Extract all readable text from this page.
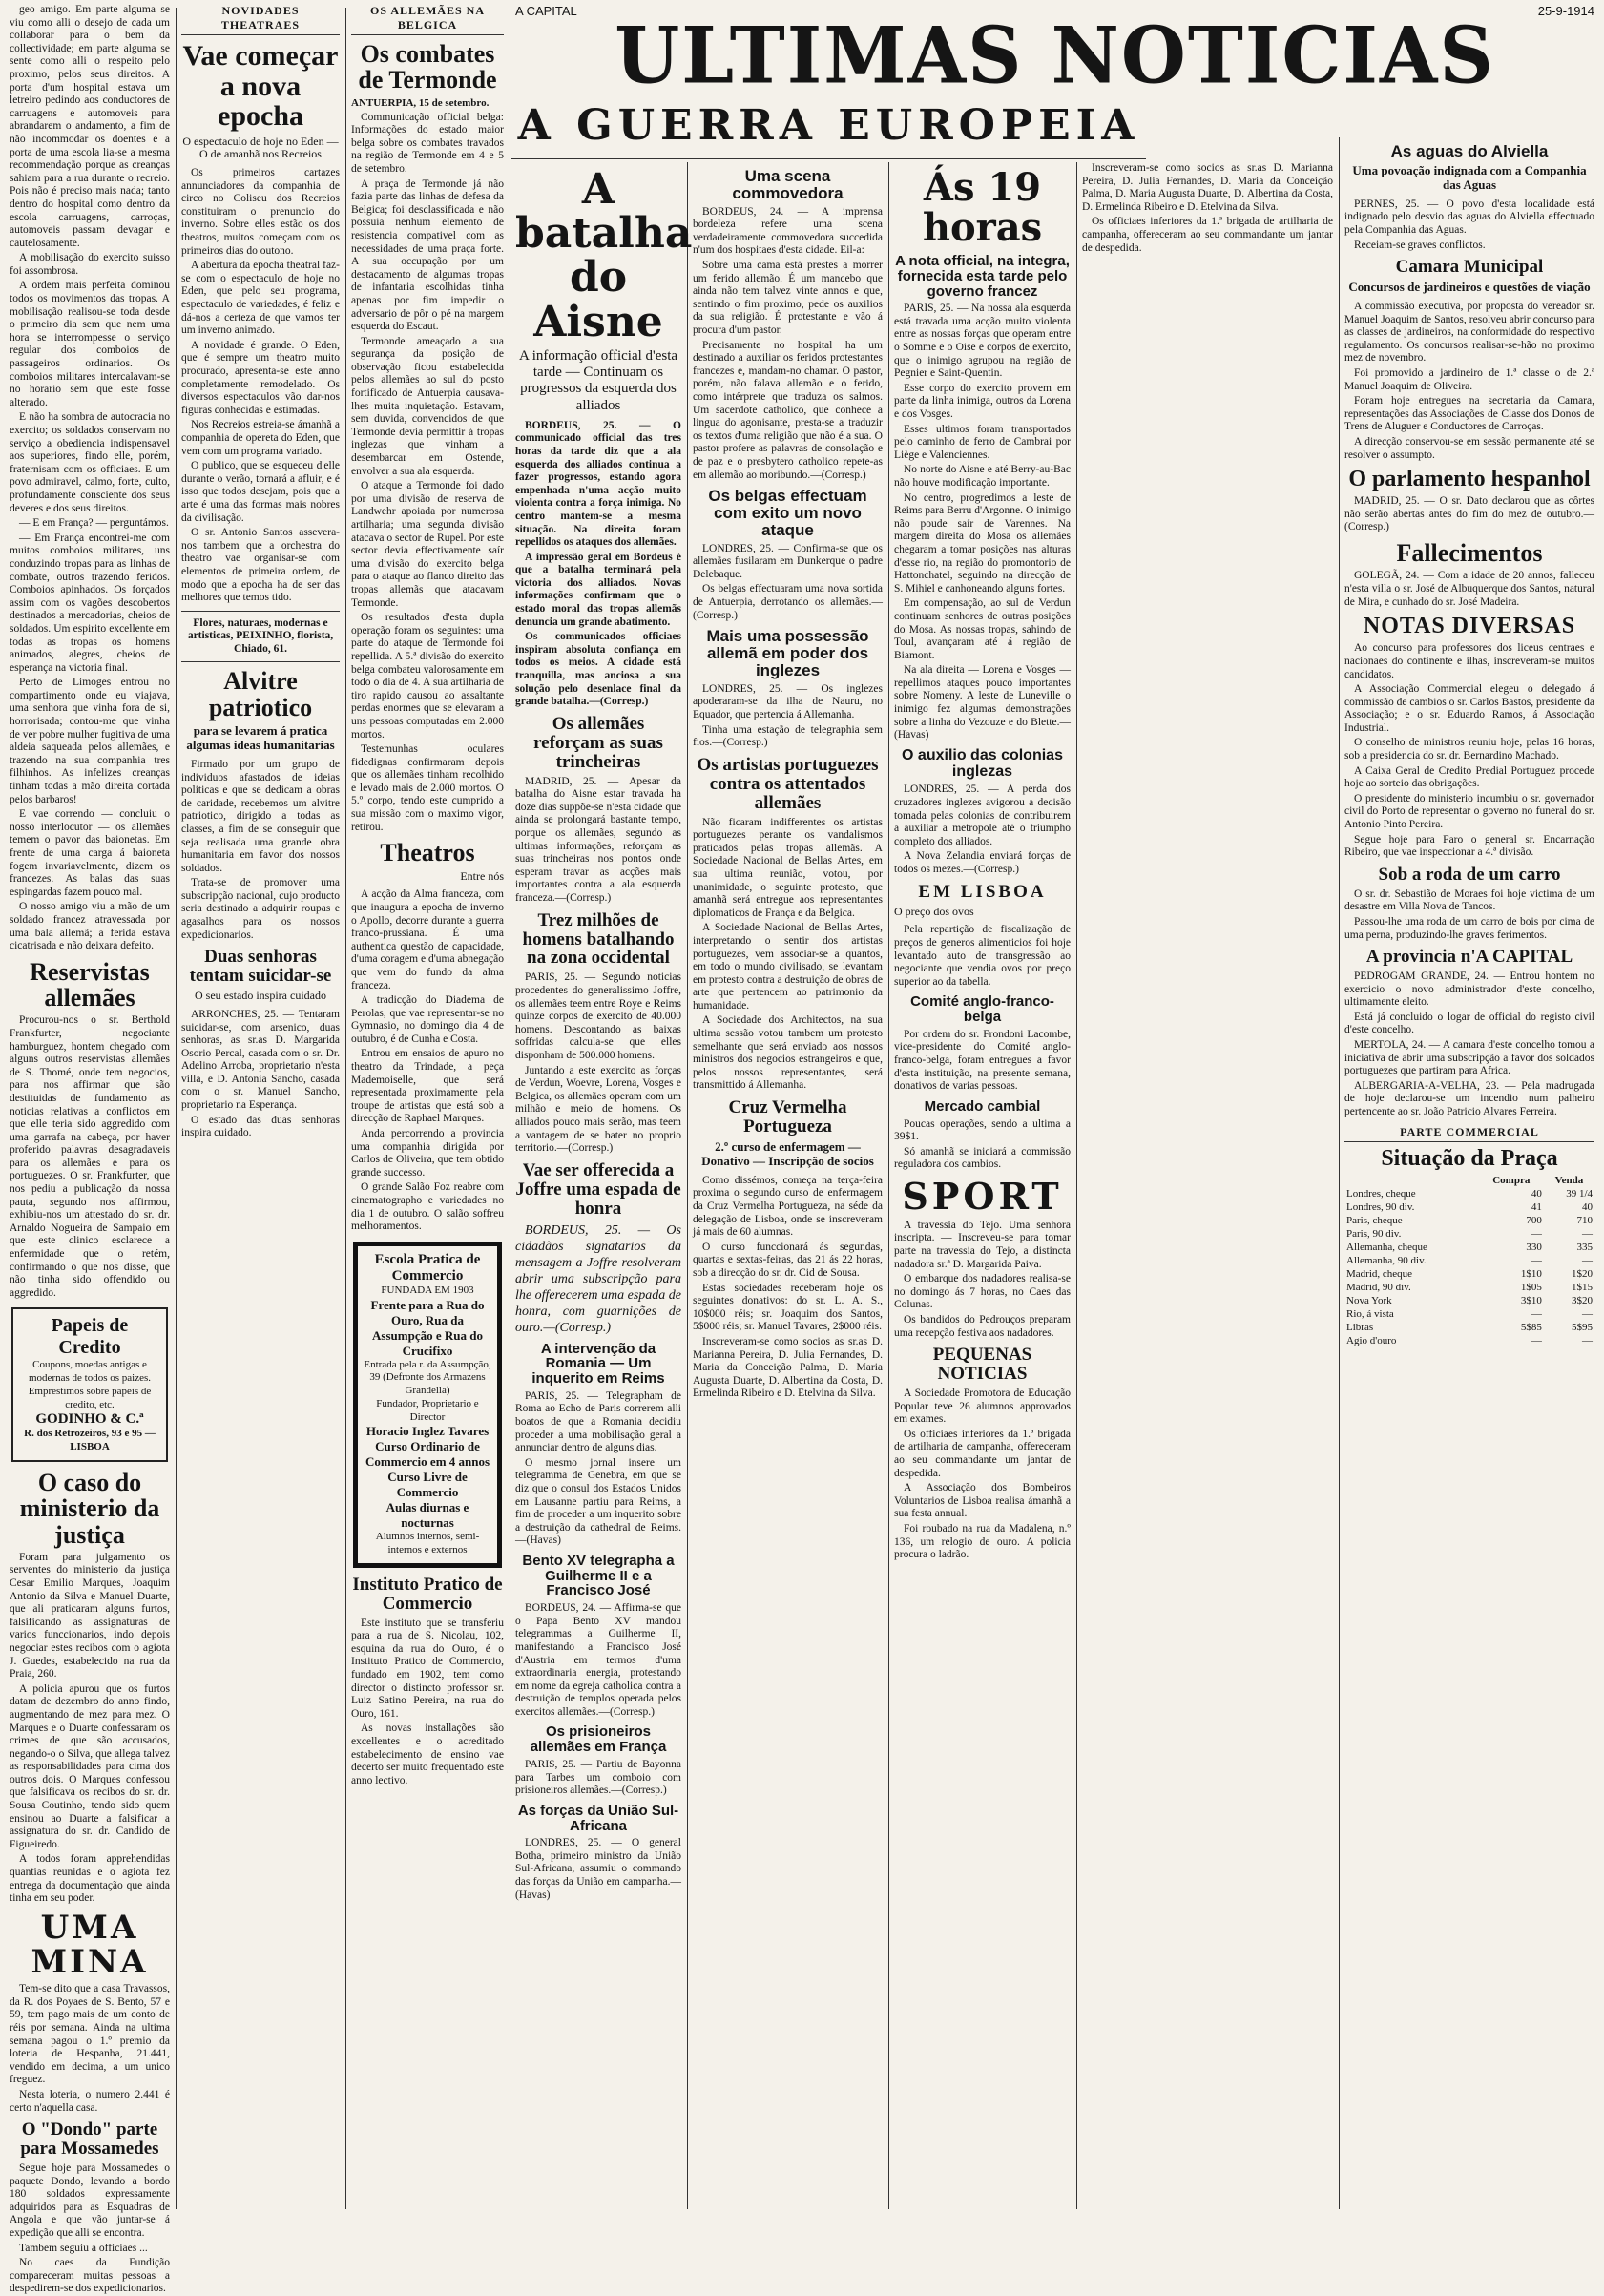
A CAPITAL	25-9-1914
ULTIMAS NOTICIAS
A GUERRA EUROPEIA

geo amigo. Em parte alguma se viu como alli o desejo de cada um collaborar para o bem da collectividade; em parte alguma se sente como alli o respeito pelo proximo, pelos seus direitos. A porta d'um hospital estava um letreiro pedindo aos conductores de carruagens e automoveis para abrandarem o andamento, a fim de não incommodar os doentes e a porta de uma escola lia-se a mesma recommendação porque as creanças sahiam para a rua durante o recreio. Pois não é preciso mais nada; tanto dentro do hospital como dentro da escola carruagens, carroças, automoveis passam devagar e cautelosamente.

A mobilisação do exercito suisso foi assombrosa.

A ordem mais perfeita dominou todos os movimentos das tropas. A mobilisação realisou-se toda desde o primeiro dia sem que nem uma hora se interrompesse o serviço regular dos comboios de passageiros ordinarios. Os comboios militares intercalavam-se no horario sem que este fosse alterado.

E não ha sombra de autocracia no exercito; os soldados conservam no serviço a obediencia indispensavel aos superiores, findo elle, porém, fraternisam com os officiaes. E um povo admiravel, calmo, forte, culto, profundamente consciente dos seus deveres e dos seus direitos.

— E em França? — perguntámos.

— Em França encontrei-me com muitos comboios militares, uns conduzindo tropas para as linhas de combate, outros trazendo feridos. Comboios apinhados. Os forçados assim com os vagões descobertos destinados a mercadorias, cheios de soldados. Um espirito excellente em todas as tropas os homens animados, alegres, cheios de esperança na victoria final.

Perto de Limoges entrou no compartimento onde eu viajava, uma senhora que vinha fora de si, horrorisada; contou-me que vinha de ver pobre mulher fugitiva de uma aldeia saqueada pelos allemães, e trazendo na sua companhia tres filhinhos. As infelizes creanças tinham todas a mão direita cortada pelos barbaros!

E vae correndo — concluiu o nosso interlocutor — os allemães temem o pavor das baionetas. Em frente de uma carga á baioneta fogem invariavelmente, dizem os francezes. As balas das suas espingardas fazem pouco mal.

O nosso amigo viu a mão de um soldado francez atravessada por uma bala allemã; a ferida estava cicatrisada e não deixara defeito.

Reservistas allemães

Procurou-nos o sr. Berthold Frankfurter, negociante hamburguez, hontem chegado com alguns outros reservistas allemães de S. Thomé, onde tem negocios, para nos affirmar que são destituidas de fundamento as noticias relativas a conflictos em que elle teria sido aggredido com uma garrafa na cabeça, por haver proferido palavras desagradaveis para os allemães e para os portuguezes. O sr. Frankfurter, que nos pediu a publicação da nossa pauta, segundo nos affirmou, exhibiu-nos um attestado do sr. dr. Arnaldo Nogueira de Sampaio em que este clinico esclarece a enfermidade que o retém, confirmando o que nos disse, que não tinha sido offendido ou aggredido.

Papeis de Credito
Coupons, moedas antigas e modernas de todos os paizes.
Emprestimos sobre papeis de credito, etc.
GODINHO & C.ª
R. dos Retrozeiros, 93 e 95 — LISBOA
O caso do ministerio da justiça

Foram para julgamento os serventes do ministerio da justiça Cesar Emilio Marques, Joaquim Antonio da Silva e Manuel Duarte, que ali praticaram alguns furtos, falsificando as assignaturas de varios funccionarios, indo depois negociar estes recibos com o agiota J. Guedes, estabelecido na rua da Praia, 260.

A policia apurou que os furtos datam de dezembro do anno findo, augmentando de mez para mez. O Marques e o Duarte confessaram os crimes de que são accusados, negando-o o Silva, que allega talvez as responsabilidades para cima dos outros dois. O Marques confessou que falsificava os recibos do sr. dr. Sousa Coutinho, tendo sido quem ensinou ao Duarte a falsificar a assignatura do sr. dr. Candido de Figueiredo.

A todos foram apprehendidas quantias reunidas e o agiota fez entrega da documentação que ainda tinha em seu poder.

UMA MINA

Tem-se dito que a casa Travassos, da R. dos Poyaes de S. Bento, 57 e 59, tem pago mais de um conto de réis por semana. Ainda na ultima semana pagou o 1.º premio da loteria de Hespanha, 21.441, vendido em decima, a um unico freguez.

Nesta loteria, o numero 2.441 é certo n'aquella casa.

O "Dondo" parte para Mossamedes

Segue hoje para Mossamedes o paquete Dondo, levando a bordo 180 soldados expressamente adquiridos para as Esquadras de Angola e que vão juntar-se á expedição que alli se encontra.

Tambem seguiu a officiaes ...

No caes da Fundição compareceram muitas pessoas a despedirem-se dos expedicionarios.

NOVIDADES THEATRAES
Vae começar a nova epocha
O espectaculo de hoje no Eden — O de amanhã nos Recreios

Os primeiros cartazes annunciadores da companhia de circo no Coliseu dos Recreios constituiram o prenuncio do inverno. Sobre elles estão os dos theatros, muitos começam com os primeiros dias do outono.

A abertura da epocha theatral faz-se com o espectaculo de hoje no Eden, que pelo seu programa, espectaculo de variedades, é feliz e dá-nos a certeza de que vamos ter um inverno animado.

A novidade é grande. O Eden, que é sempre um theatro muito procurado, apresenta-se este anno completamente remodelado. Os diversos espectaculos vão dar-nos figuras conhecidas e estimadas.

Nos Recreios estreia-se ámanhã a companhia de opereta do Eden, que vem com um programa variado.

O publico, que se esqueceu d'elle durante o verão, tornará a afluir, e é isso que todos desejam, pois que a arte é uma das formas mais nobres da civilisação.

O sr. Antonio Santos assevera-nos tambem que a orchestra do theatro vae organisar-se com elementos de primeira ordem, de modo que a epocha ha de ser das melhores que temos tido.

Flores, naturaes, modernas e artisticas, PEIXINHO, florista, Chiado, 61.

Alvitre patriotico
para se levarem á pratica algumas ideas humanitarias

Firmado por um grupo de individuos afastados de ideias politicas e que se dedicam a obras de caridade, recebemos um alvitre patriotico, dirigido a todas as classes, a fim de se conseguir que seja realisada uma grande obra humanitaria em favor dos nossos soldados.

Trata-se de promover uma subscripção nacional, cujo producto seria destinado a adquirir roupas e agasalhos para os nossos expedicionarios.

Duas senhoras tentam suicidar-se
O seu estado inspira cuidado

ARRONCHES, 25. — Tentaram suicidar-se, com arsenico, duas senhoras, as sr.as D. Margarida Osorio Percal, casada com o sr. Dr. Adelino Arroba, proprietario n'esta villa, e D. Antonia Sancho, casada com o sr. Manuel Sancho, proprietario na Esperança.

O estado das duas senhoras inspira cuidado.

OS ALLEMÃES NA BELGICA
Os combates de Termonde
ANTUERPIA, 15 de setembro.

Communicação official belga: Informações do estado maior belga sobre os combates travados na região de Termonde em 4 e 5 de setembro.

A praça de Termonde já não fazia parte das linhas de defesa da Belgica; foi desclassificada e não possuia nenhum elemento de resistencia compativel com as necessidades de uma praça forte. A sua occupação por um destacamento de algumas tropas de infantaria escolhidas tinha apenas por fim impedir o adversario de pôr o pé na margem esquerda do Escaut.

Termonde ameaçado a sua segurança da posição de observação ficou estabelecida pelos allemães ao sul do posto fortificado de Antuerpia causava-lhes muita inquietação. Estavam, sem duvida, convencidos de que Termonde devia permittir á tropas inglezas que vinham a desembarcar em Ostende, envolver a sua ala esquerda.

O ataque a Termonde foi dado por uma divisão de reserva de Landwehr apoiada por numerosa artilharia; uma segunda divisão atacava o sector de Rupel. Por este sector devia effectivamente saír uma divisão do exercito belga para o ataque ao flanco direito das tropas allemãs que atacavam Termonde.

Os resultados d'esta dupla operação foram os seguintes: uma parte do ataque de Termonde foi repellida. A 5.ª divisão do exercito belga combateu valorosamente em todo o dia de 4. A sua artilharia de tiro rapido causou ao assaltante perdas enormes que se elevaram a uns pessoas computadas em 2.000 mortos.

Testemunhas oculares fidedignas confirmaram depois que os allemães tinham recolhido e levado mais de 2.000 mortos. O 5.º corpo, tendo este cumprido a sua missão com o maximo vigor, retirou.

Theatros
Entre nós

A acção da Alma franceza, com que inaugura a epocha de inverno o Apollo, decorre durante a guerra franco-prussiana. É uma authentica questão de capacidade, d'uma coragem e d'uma abnegação que vem do fundo da alma franceza.

A tradicção do Diadema de Perolas, que vae representar-se no Gymnasio, no domingo dia 4 de outubro, é de Cunha e Costa.

Entrou em ensaios de apuro no theatro da Trindade, a peça Mademoiselle, que será representada proximamente pela troupe de artistas que está sob a direcção de Raphael Marques.

Anda percorrendo a provincia uma companhia dirigida por Carlos de Oliveira, que tem obtido grande successo.

O grande Salão Foz reabre com cinematographo e variedades no dia 1 de outubro. O salão soffreu melhoramentos.

Escola Pratica de Commercio
FUNDADA EM 1903
Frente para a Rua do Ouro, Rua da Assumpção e Rua do Crucifixo
Entrada pela r. da Assumpção, 39 (Defronte dos Armazens Grandella)
Fundador, Proprietario e Director
Horacio Inglez Tavares
Curso Ordinario de Commercio em 4 annos
Curso Livre de Commercio
Aulas diurnas e nocturnas
Alumnos internos, semi-internos e externos
Instituto Pratico de Commercio

Este instituto que se transferiu para a rua de S. Nicolau, 102, esquina da rua do Ouro, é o Instituto Pratico de Commercio, fundado em 1902, tem como director o distincto professor sr. Luiz Satino Pereira, na rua do Ouro, 161.

As novas installações são excellentes e o acreditado estabelecimento de ensino vae decerto ser muito frequentado este anno lectivo.

A batalha do Aisne
A informação official d'esta tarde — Continuam os progressos da esquerda dos alliados

BORDEUS, 25. — O communicado official das tres horas da tarde diz que a ala esquerda dos alliados continua a fazer progressos, estando agora empenhada n'uma acção muito violenta contra a força inimiga. No centro mantem-se a mesma situação. Na direita foram repellidos os ataques dos allemães.

A impressão geral em Bordeus é que a batalha terminará pela victoria dos alliados. Novas informações confirmam que o estado moral das tropas allemãs denuncia um grande abatimento.

Os communicados officiaes inspiram absoluta confiança em todos os meios. A cidade está tranquilla, mas anciosa a sua solução pelo desenlace final da grande batalha.—(Corresp.)

Os allemães reforçam as suas trincheiras

MADRID, 25. — Apesar da batalha do Aisne estar travada ha doze dias suppõe-se n'esta cidade que ainda se prolongará bastante tempo, porque os allemães, segundo as ultimas informações, reforçam as suas trincheiras nos pontos onde esperam travar as acções mais importantes contra a ala esquerda franceza.—(Corresp.)

Trez milhões de homens batalhando na zona occidental

PARIS, 25. — Segundo noticias procedentes do generalissimo Joffre, os allemães teem entre Roye e Reims quinze corpos de exercito de 40.000 homens. Descontando as baixas soffridas calcula-se que elles disponham de 500.000 homens.

Juntando a este exercito as forças de Verdun, Woevre, Lorena, Vosges e Belgica, os allemães operam com um milhão e meio de homens. Os alliados pouco mais serão, mas teem a vantagem de se bater no proprio territorio.—(Corresp.)

Vae ser offerecida a Joffre uma espada de honra

BORDEUS, 25. — Os cidadãos signatarios da mensagem a Joffre resolveram abrir uma subscripção para lhe offerecerem uma espada de honra, com guarnições de ouro.—(Corresp.)

A intervenção da Romania — Um inquerito em Reims

PARIS, 25. — Telegrapham de Roma ao Echo de Paris correrem alli boatos de que a Romania decidiu proceder a uma mobilisação geral a annunciar dentro de alguns dias.

O mesmo jornal insere um telegramma de Genebra, em que se diz que o consul dos Estados Unidos em Lausanne partiu para Reims, a fim de proceder a um inquerito sobre a destruição da cathedral de Reims.—(Havas)

Bento XV telegrapha a Guilherme II e a Francisco José

BORDEUS, 24. — Affirma-se que o Papa Bento XV mandou telegrammas a Guilherme II, manifestando a Francisco José d'Austria em termos d'uma extraordinaria energia, protestando em nome da egreja catholica contra a destruição de templos operada pelos exercitos allemães.—(Corresp.)

Os prisioneiros allemães em França

PARIS, 25. — Partiu de Bayonna para Tarbes um comboio com prisioneiros allemães.—(Corresp.)

As forças da União Sul-Africana

LONDRES, 25. — O general Botha, primeiro ministro da União Sul-Africana, assumiu o commando das forças da União em campanha.—(Havas)

Uma scena commovedora

BORDEUS, 24. — A imprensa bordeleza refere uma scena verdadeiramente commovedora succedida n'um dos hospitaes d'esta cidade. Eil-a:

Sobre uma cama está prestes a morrer um ferido allemão. É um mancebo que ainda não tem talvez vinte annos e que, sentindo o fim proximo, pede os auxilios da sua religião. É protestante e vão á procura d'um pastor.

Precisamente no hospital ha um destinado a auxiliar os feridos protestantes francezes e, mandam-no chamar. O pastor, porém, não falava allemão e o ferido, como intérprete que traduza os salmos. Um sacerdote catholico, que conhece a lingua do agonisante, presta-se a traduzir os textos d'uma religião que não é a sua. O pastor profere as palavras de consolação e de paz e o presbytero catholico repete-as em allemão ao moribundo.—(Corresp.)

Os belgas effectuam com exito um novo ataque

LONDRES, 25. — Confirma-se que os allemães fusilaram em Dunkerque o padre Delebaque.

Os belgas effectuaram uma nova sortida de Antuerpia, derrotando os allemães.—(Corresp.)

Mais uma possessão allemã em poder dos inglezes

LONDRES, 25. — Os inglezes apoderaram-se da ilha de Nauru, no Equador, que pertencia á Allemanha.

Tinha uma estação de telegraphia sem fios.—(Corresp.)

Os artistas portuguezes contra os attentados allemães

Não ficaram indifferentes os artistas portuguezes perante os vandalismos praticados pelas tropas allemãs. A Sociedade Nacional de Bellas Artes, em sua ultima reunião, votou, por unanimidade, o seguinte protesto, que amanhã será entregue aos representantes diplomaticos de França e da Belgica.

A Sociedade Nacional de Bellas Artes, interpretando o sentir dos artistas portuguezes, vem associar-se a quantos, em todo o mundo civilisado, se levantam em protesto contra a destruição de obras de arte que pertencem ao patrimonio da humanidade.

A Sociedade dos Architectos, na sua ultima sessão votou tambem um protesto semelhante que será enviado aos nossos ministros dos negocios estrangeiros e que, pelos nossos representantes, será transmittido á Allemanha.

Cruz Vermelha Portugueza
2.º curso de enfermagem — Donativo — Inscripção de socios

Como dissémos, começa na terça-feira proxima o segundo curso de enfermagem da Cruz Vermelha Portugueza, na séde da delegação de Lisboa, onde se inscreveram já mais de 60 alumnas.

O curso funccionará ás segundas, quartas e sextas-feiras, das 21 ás 22 horas, sob a direcção do sr. dr. Cid de Sousa.

Estas sociedades receberam hoje os seguintes donativos: do sr. L. A. S., 10$000 réis; sr. Joaquim dos Santos, 5$000 réis; sr. Manuel Tavares, 2$000 réis.

Inscreveram-se como socios as sr.as D. Marianna Pereira, D. Julia Fernandes, D. Maria da Conceição Palma, D. Maria Augusta Duarte, D. Albertina da Costa, D. Ermelinda Ribeiro e D. Etelvina da Silva.

Ás 19 horas
A nota official, na integra, fornecida esta tarde pelo governo francez

PARIS, 25. — Na nossa ala esquerda está travada uma acção muito violenta entre as nossas forças que operam entre o Somme e o Oise e corpos de exercito, que o inimigo agrupou na região de Pegnier e Saint-Quentin.

Esse corpo do exercito provem em parte da linha inimiga, outros da Lorena e dos Vosges.

Esses ultimos foram transportados pelo caminho de ferro de Cambrai por Liège e Valenciennes.

No norte do Aisne e até Berry-au-Bac não houve modificação importante.

No centro, progredimos a leste de Reims para Berru d'Argonne. O inimigo não poude saír de Varennes. Na margem direita do Mosa os allemães chegaram a tomar posições nas alturas d'esse rio, na região do promontorio de Hattonchatel, seguindo na direcção de S. Mihiel e canhoneando alguns fortes.

Em compensação, ao sul de Verdun continuam senhores de outras posições do Mosa. As nossas tropas, sahindo de Toul, avançaram até á região de Biamont.

Na ala direita — Lorena e Vosges — repellimos ataques pouco importantes sobre Nomeny. A leste de Luneville o inimigo fez algumas demonstrações sobre a linha do Vezouze e do Blette.—(Havas)

O auxilio das colonias inglezas

LONDRES, 25. — A perda dos cruzadores inglezes avigorou a decisão tomada pelas colonias de contribuirem a auxiliar a metropole até o triumpho completo dos alliados.

A Nova Zelandia enviará forças de todos os mezes.—(Corresp.)

EM LISBOA
O preço dos ovos

Pela repartição de fiscalização de preços de generos alimenticios foi hoje levantado auto de transgressão ao negociante que vendia ovos por preço superior ao da tabella.

Comité anglo-franco-belga

Por ordem do sr. Frondoni Lacombe, vice-presidente do Comité anglo-franco-belga, foram entregues a favor d'esta instituição, na presente semana, donativos de varias pessoas.

Mercado cambial

Poucas operações, sendo a ultima a 39$1.

Só amanhã se iniciará a commissão reguladora dos cambios.

SPORT

A travessia do Tejo. Uma senhora inscripta. — Inscreveu-se para tomar parte na travessia do Tejo, a distincta nadadora sr.ª D. Margarida Paiva.

O embarque dos nadadores realisa-se no domingo ás 7 horas, no Caes das Colunas.

Os bandidos do Pedrouços preparam uma recepção festiva aos nadadores.

PEQUENAS NOTICIAS

A Sociedade Promotora de Educação Popular teve 26 alumnos approvados em exames.

Os officiaes inferiores da 1.ª brigada de artilharia de campanha, offereceram ao seu commandante um jantar de despedida.

A Associação dos Bombeiros Voluntarios de Lisboa realisa ámanhã a sua festa annual.

Foi roubado na rua da Madalena, n.º 136, um relogio de ouro. A policia procura o ladrão.

Inscreveram-se como socios as sr.as D. Marianna Pereira, D. Julia Fernandes, D. Maria da Conceição Palma, D. Maria Augusta Duarte, D. Albertina da Costa, D. Ermelinda Ribeiro e D. Etelvina da Silva.

Os officiaes inferiores da 1.ª brigada de artilharia de campanha, offereceram ao seu commandante um jantar de despedida.

As aguas do Alviella
Uma povoação indignada com a Companhia das Aguas

PERNES, 25. — O povo d'esta localidade está indignado pelo desvio das aguas do Alviella effectuado pela Companhia das Aguas.

Receiam-se graves conflictos.

Camara Municipal
Concursos de jardineiros e questões de viação

A commissão executiva, por proposta do vereador sr. Manuel Joaquim de Santos, resolveu abrir concurso para as classes de jardineiros, na conformidade do respectivo regulamento. Os concursos realisar-se-hão no proximo mez de novembro.

Foi promovido a jardineiro de 1.ª classe o de 2.ª Manuel Joaquim de Oliveira.

Foram hoje entregues na secretaria da Camara, representações das Associações de Classe dos Donos de Trens de Aluguer e Conductores de Carroças.

A direcção conservou-se em sessão permanente até se resolver o assumpto.

O parlamento hespanhol

MADRID, 25. — O sr. Dato declarou que as côrtes não serão abertas antes do fim do mez de outubro.—(Corresp.)

Fallecimentos

GOLEGÃ, 24. — Com a idade de 20 annos, falleceu n'esta villa o sr. José de Albuquerque dos Santos, natural de Mira, e cunhado do sr. José Madeira.

NOTAS DIVERSAS

Ao concurso para professores dos liceus centraes e nacionaes do continente e ilhas, inscreveram-se muitos candidatos.

A Associação Commercial elegeu o delegado á commissão de cambios o sr. Carlos Bastos, presidente da Associação; e o sr. Eduardo Ramos, á Associação Industrial.

O conselho de ministros reuniu hoje, pelas 16 horas, sob a presidencia do sr. dr. Bernardino Machado.

A Caixa Geral de Credito Predial Portuguez procede hoje ao sorteio das obrigações.

O presidente do ministerio incumbiu o sr. governador civil do Porto de representar o governo no funeral do sr. Antonio Pinto Pereira.

Segue hoje para Faro o general sr. Encarnação Ribeiro, que vae inspeccionar a 4.ª divisão.

Sob a roda de um carro

O sr. dr. Sebastião de Moraes foi hoje victima de um desastre em Villa Nova de Tancos.

Passou-lhe uma roda de um carro de bois por cima de uma perna, produzindo-lhe graves ferimentos.

A provincia n'A CAPITAL

PEDROGAM GRANDE, 24. — Entrou hontem no exercicio o novo administrador d'este concelho, ultimamente eleito.

Está já concluido o logar de official do registo civil d'este concelho.

MERTOLA, 24. — A camara d'este concelho tomou a iniciativa de abrir uma subscripção a favor dos soldados portuguezes que partiram para Africa.

ALBERGARIA-A-VELHA, 23. — Pela madrugada de hoje declarou-se um incendio num palheiro pertencente ao sr. João Patricio Alvares Ferreira.

PARTE COMMERCIAL
Situação da Praça
	Compra	Venda
Londres, cheque	40	39 1/4
Londres, 90 div.	41	40
Paris, cheque	700	710
Paris, 90 div.	—	—
Allemanha, cheque	330	335
Allemanha, 90 div.	—	—
Madrid, cheque	1$10	1$20
Madrid, 90 div.	1$05	1$15
Nova York	3$10	3$20
Rio, á vista	—	—
Libras	5$85	5$95
Agio d'ouro	—	—
